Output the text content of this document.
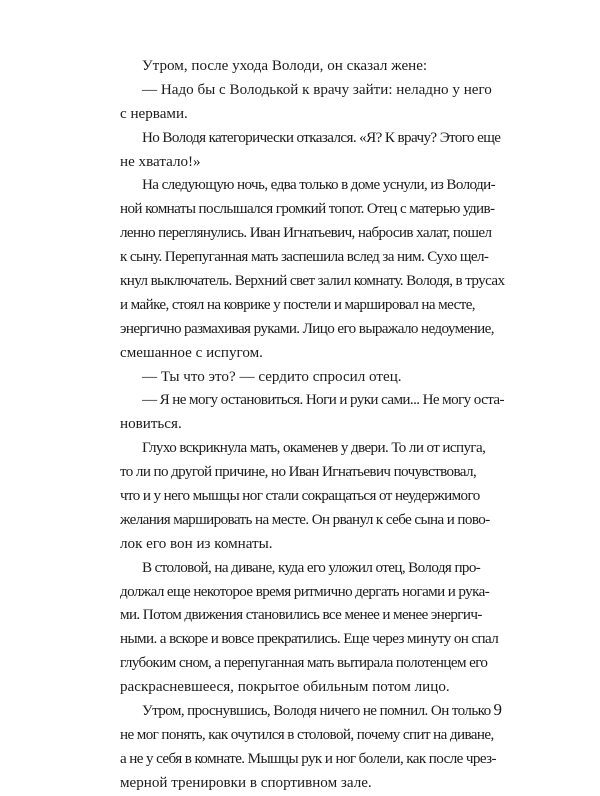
Утром, после ухода Володи, он сказал жене:
— Надо бы с Володькой к врачу зайти: неладно у него
с нервами.
Но Володя категорически отказался. «Я? К врачу? Этого еще
не хватало!»
На следующую ночь, едва только в доме уснули, из Володи-
ной комнаты послышался громкий топот. Отец с матерью удив-
ленно переглянулись. Иван Игнатьевич, набросив халат, пошел
к сыну. Перепуганная мать заспешила вслед за ним. Сухо щел-
кнул выключатель. Верхний свет залил комнату. Володя, в трусах
и майке, стоял на коврике у постели и маршировал на месте,
энергично размахивая руками. Лицо его выражало недоумение,
смешанное с испугом.
— Ты что это? — сердито спросил отец.
— Я не могу остановиться. Ноги и руки сами... Не могу оста-
новиться.
Глухо вскрикнула мать, окаменев у двери. То ли от испуга,
то ли по другой причине, но Иван Игнатьевич почувствовал,
что и у него мышцы ног стали сокращаться от неудержимого
желания маршировать на месте. Он рванул к себе сына и пово-
лок его вон из комнаты.
В столовой, на диване, куда его уложил отец, Володя про-
должал еще некоторое время ритмично дергать ногами и рука-
ми. Потом движения становились все менее и менее энергич-
ными. а вскоре и вовсе прекратились. Еще через минуту он спал
глубоким сном, а перепуганная мать вытирала полотенцем его
раскрасневшееся, покрытое обильным потом лицо.
Утром, проснувшись, Володя ничего не помнил. Он только
не мог понять, как очутился в столовой, почему спит на диване,
а не у себя в комнате. Мышцы рук и ног болели, как после чрез-
мерной тренировки в спортивном зале.
9
